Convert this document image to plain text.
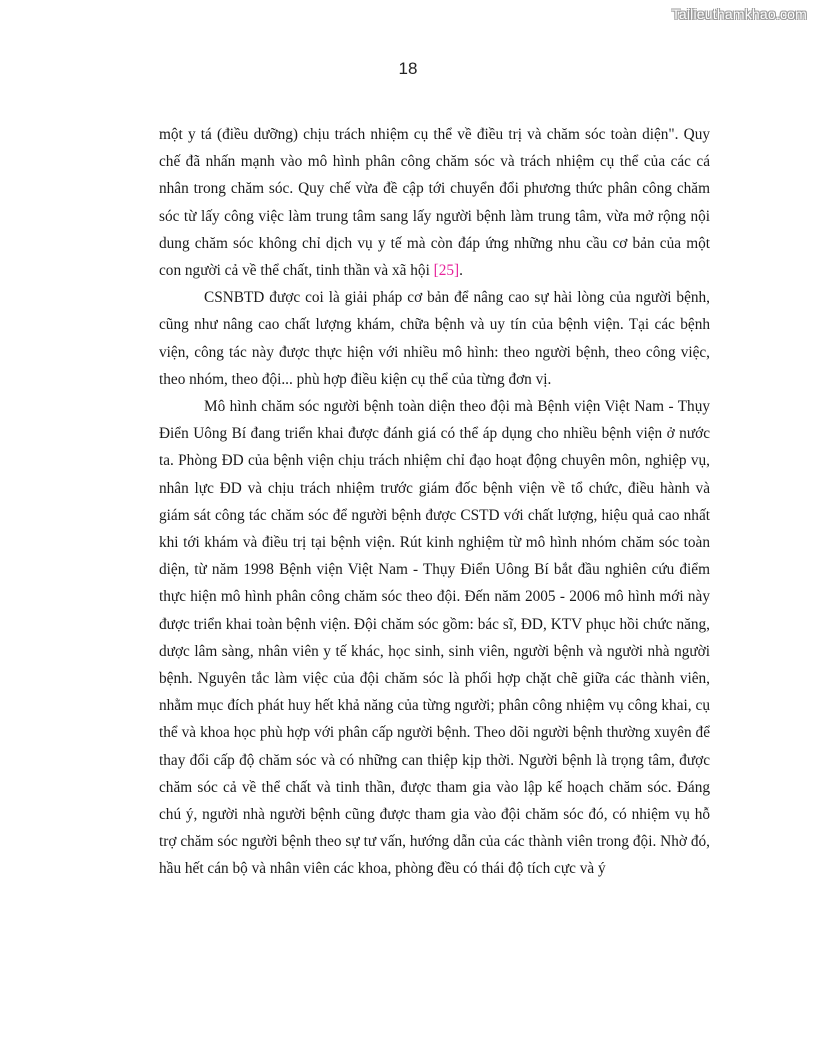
Tailieuthamkhao.com
18

một y tá (điều dưỡng) chịu trách nhiệm cụ thể về điều trị và chăm sóc toàn diện". Quy chế đã nhấn mạnh vào mô hình phân công chăm sóc và trách nhiệm cụ thể của các cá nhân trong chăm sóc. Quy chế vừa đề cập tới chuyển đổi phương thức phân công chăm sóc từ lấy công việc làm trung tâm sang lấy người bệnh làm trung tâm, vừa mở rộng nội dung chăm sóc không chỉ dịch vụ y tế mà còn đáp ứng những nhu cầu cơ bản của một con người cả về thể chất, tinh thần và xã hội [25].

CSNBTD được coi là giải pháp cơ bản để nâng cao sự hài lòng của người bệnh, cũng như nâng cao chất lượng khám, chữa bệnh và uy tín của bệnh viện. Tại các bệnh viện, công tác này được thực hiện với nhiều mô hình: theo người bệnh, theo công việc, theo nhóm, theo đội... phù hợp điều kiện cụ thể của từng đơn vị.

Mô hình chăm sóc người bệnh toàn diện theo đội mà Bệnh viện Việt Nam - Thụy Điển Uông Bí đang triển khai được đánh giá có thể áp dụng cho nhiều bệnh viện ở nước ta. Phòng ĐD của bệnh viện chịu trách nhiệm chỉ đạo hoạt động chuyên môn, nghiệp vụ, nhân lực ĐD và chịu trách nhiệm trước giám đốc bệnh viện về tổ chức, điều hành và giám sát công tác chăm sóc để người bệnh được CSTD với chất lượng, hiệu quả cao nhất khi tới khám và điều trị tại bệnh viện. Rút kinh nghiệm từ mô hình nhóm chăm sóc toàn diện, từ năm 1998 Bệnh viện Việt Nam - Thụy Điển Uông Bí bắt đầu nghiên cứu điểm thực hiện mô hình phân công chăm sóc theo đội. Đến năm 2005 - 2006 mô hình mới này được triển khai toàn bệnh viện. Đội chăm sóc gồm: bác sĩ, ĐD, KTV phục hồi chức năng, dược lâm sàng, nhân viên y tế khác, học sinh, sinh viên, người bệnh và người nhà người bệnh. Nguyên tắc làm việc của đội chăm sóc là phối hợp chặt chẽ giữa các thành viên, nhằm mục đích phát huy hết khả năng của từng người; phân công nhiệm vụ công khai, cụ thể và khoa học phù hợp với phân cấp người bệnh. Theo dõi người bệnh thường xuyên để thay đổi cấp độ chăm sóc và có những can thiệp kịp thời. Người bệnh là trọng tâm, được chăm sóc cả về thể chất và tinh thần, được tham gia vào lập kế hoạch chăm sóc. Đáng chú ý, người nhà người bệnh cũng được tham gia vào đội chăm sóc đó, có nhiệm vụ hỗ trợ chăm sóc người bệnh theo sự tư vấn, hướng dẫn của các thành viên trong đội. Nhờ đó, hầu hết cán bộ và nhân viên các khoa, phòng đều có thái độ tích cực và ý
